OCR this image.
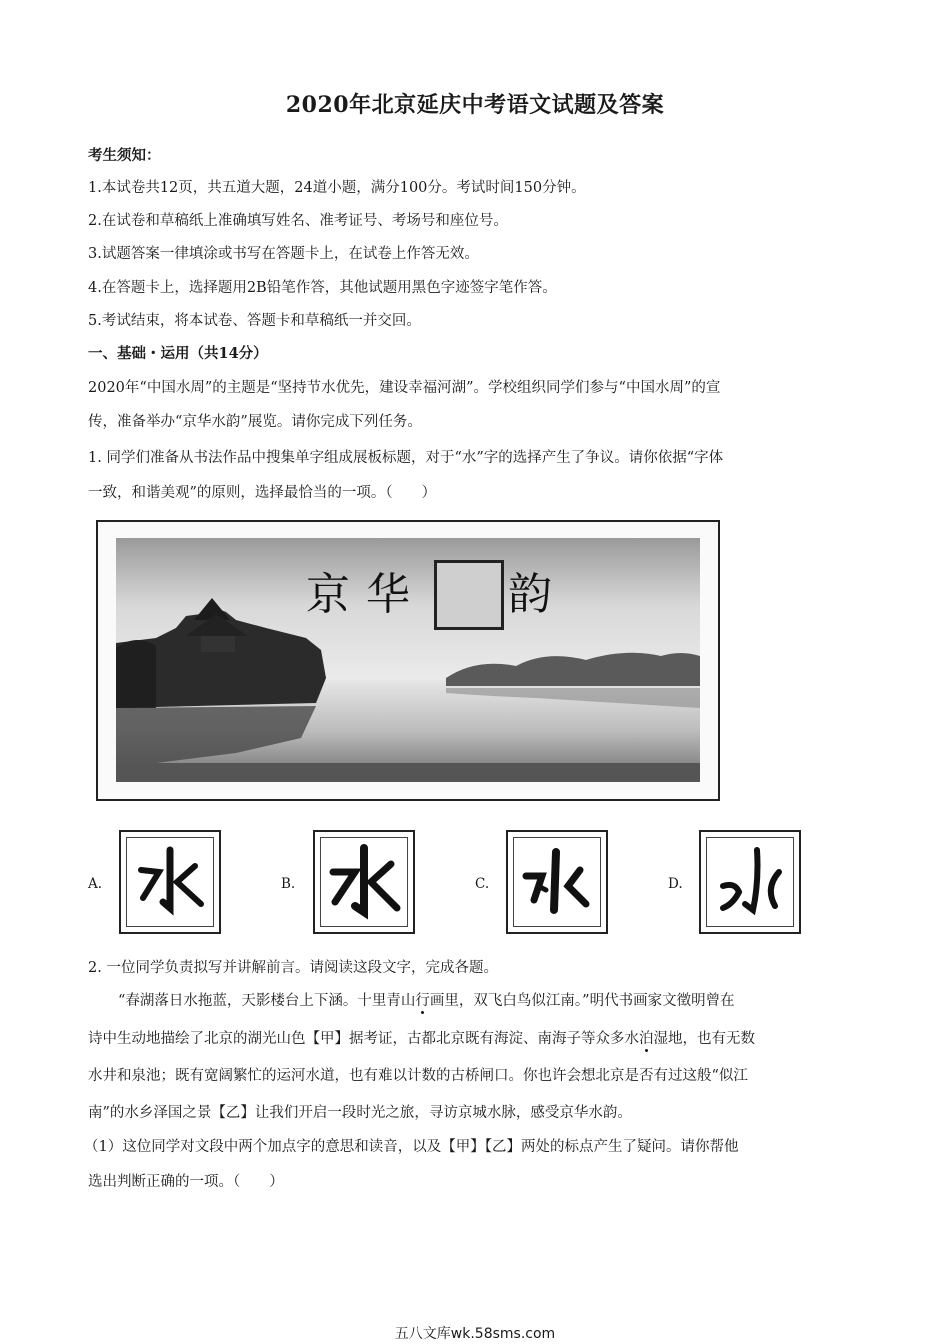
2020年北京延庆中考语文试题及答案
考生须知：
1.本试卷共12页，共五道大题，24道小题，满分100分。考试时间150分钟。
2.在试卷和草稿纸上准确填写姓名、准考证号、考场号和座位号。
3.试题答案一律填涂或书写在答题卡上，在试卷上作答无效。
4.在答题卡上，选择题用2B铅笔作答，其他试题用黑色字迹签字笔作答。
5.考试结束，将本试卷、答题卡和草稿纸一并交回。
一、基础・运用（共14分）
2020年“中国水周”的主题是“坚持节水优先，建设幸福河湖”。学校组织同学们参与“中国水周”的宣
传，准备举办“京华水韵”展览。请你完成下列任务。
1. 同学们准备从书法作品中搜集单字组成展板标题，对于“水”字的选择产生了争议。请你依据“字体
一致，和谐美观”的原则，选择最恰当的一项。（　　）
京 华 韵
A.	B.	C.	D.
2. 一位同学负责拟写并讲解前言。请阅读这段文字，完成各题。
“春湖落日水拖蓝，天影楼台上下涵。十里青山行画里，双飞白鸟似江南。”明代书画家文徵明曾在
诗中生动地描绘了北京的湖光山色【甲】据考证，古都北京既有海淀、南海子等众多水泊湿地，也有无数
水井和泉池；既有宽阔繁忙的运河水道，也有难以计数的古桥闸口。你也许会想北京是否有过这般“似江
南”的水乡泽国之景【乙】让我们开启一段时光之旅，寻访京城水脉，感受京华水韵。
（1）这位同学对文段中两个加点字的意思和读音，以及【甲】【乙】两处的标点产生了疑问。请你帮他
选出判断正确的一项。（　　）
五八文库wk.58sms.com
